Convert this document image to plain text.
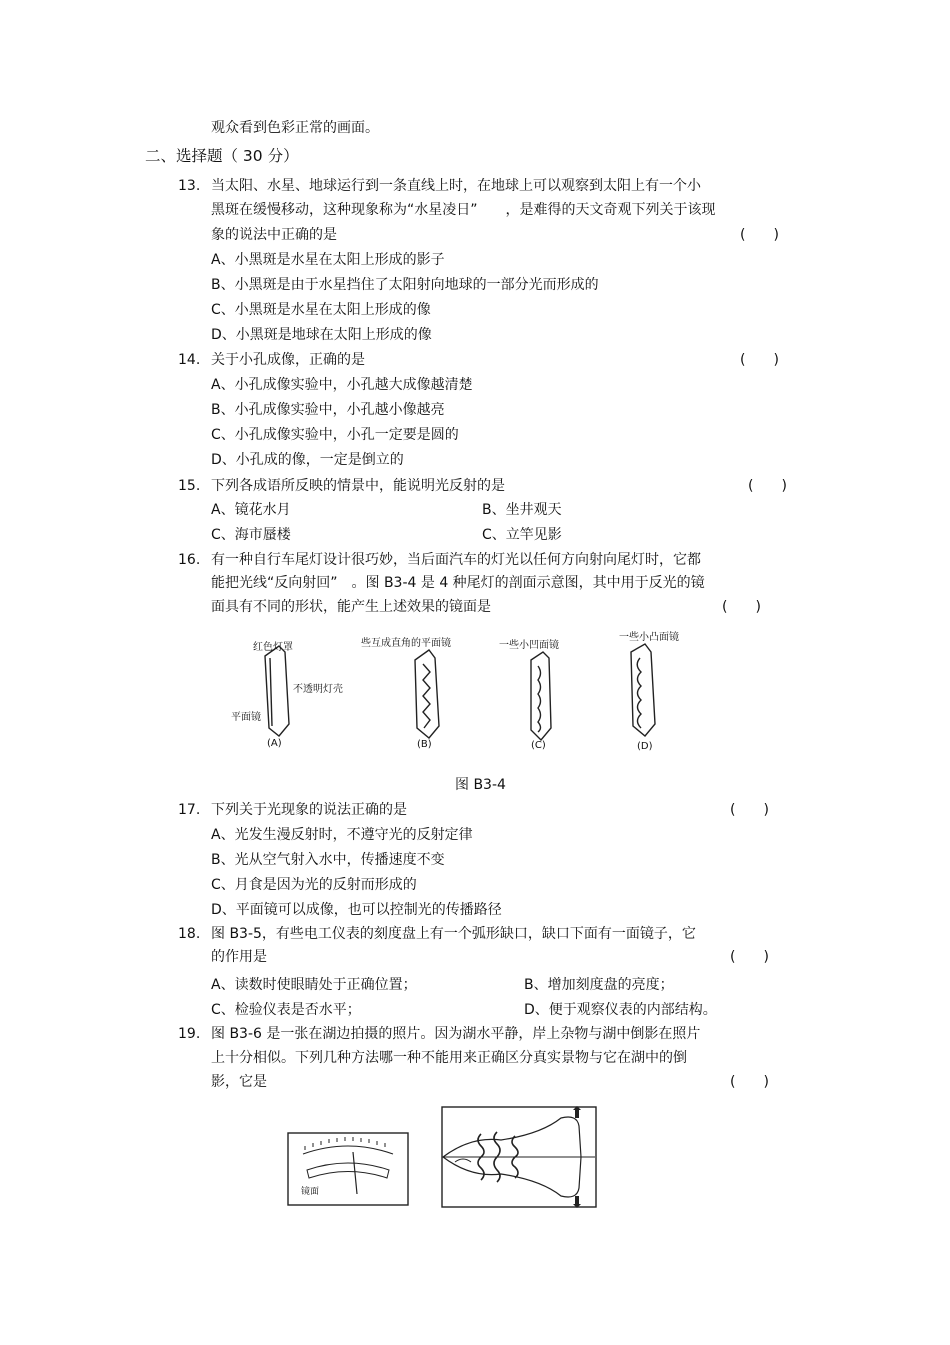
观众看到色彩正常的画面。
二、选择题（ 30 分）
13. 当太阳、水星、地球运行到一条直线上时，在地球上可以观察到太阳上有一个小
黑斑在缓慢移动，这种现象称为“水星凌日”　　，是难得的天文奇观下列关于该现
象的说法中正确的是	(　　)
A、小黑斑是水星在太阳上形成的影子
B、小黑斑是由于水星挡住了太阳射向地球的一部分光而形成的
C、小黑斑是水星在太阳上形成的像
D、小黑斑是地球在太阳上形成的像
14. 关于小孔成像，正确的是	(　　)
A、小孔成像实验中，小孔越大成像越清楚
B、小孔成像实验中，小孔越小像越亮
C、小孔成像实验中，小孔一定要是圆的
D、小孔成的像，一定是倒立的
15. 下列各成语所反映的情景中，能说明光反射的是	(　　)
A、镜花水月	B、坐井观天
C、海市蜃楼	C、立竿见影
16. 有一种自行车尾灯设计很巧妙，当后面汽车的灯光以任何方向射向尾灯时，它都
能把光线“反向射回”　。图 B3-4 是 4 种尾灯的剖面示意图，其中用于反光的镜
面具有不同的形状，能产生上述效果的镜面是	(　　)
红色灯罩
不透明灯壳
平面镜
些互成直角的平面镜	一些小凹面镜
一些小凸面镜
(A)	(B)	(C)	(D)
图 B3-4
17. 下列关于光现象的说法正确的是	(　　)
A、光发生漫反射时，不遵守光的反射定律
B、光从空气射入水中，传播速度不变
C、月食是因为光的反射而形成的
D、平面镜可以成像，也可以控制光的传播路径
18. 图 B3-5，有些电工仪表的刻度盘上有一个弧形缺口，缺口下面有一面镜子，它
的作用是	(　　)
A、读数时使眼睛处于正确位置；	B、增加刻度盘的亮度；
C、检验仪表是否水平；	D、便于观察仪表的内部结构。
19. 图 B3-6 是一张在湖边拍摄的照片。因为湖水平静，岸上杂物与湖中倒影在照片
上十分相似。下列几种方法哪一种不能用来正确区分真实景物与它在湖中的倒
影，它是	(　　)
镜面
